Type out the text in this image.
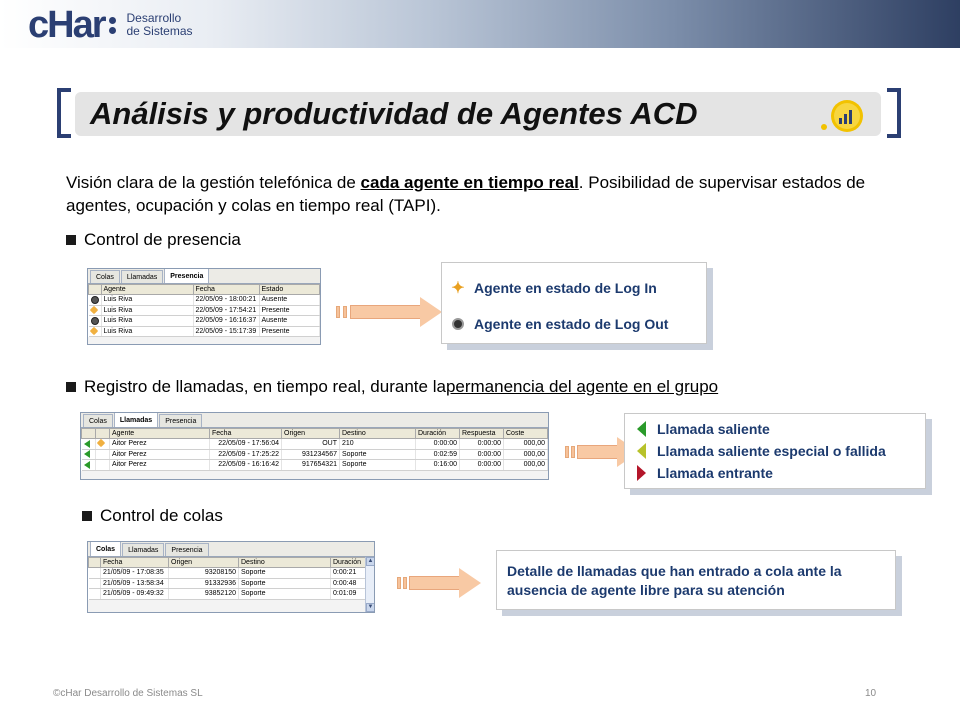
cHar Desarrollo
de Sistemas
Análisis y productividad de Agentes ACD
Visión clara de la gestión telefónica de cada agente en tiempo real. Posibilidad de supervisar estados de agentes, ocupación y colas en tiempo real (TAPI).
Control de presencia
Colas Llamadas Presencia
	Agente	Fecha	Estado
	Luis Riva	22/05/09 - 18:00:21	Ausente
	Luis Riva	22/05/09 - 17:54:21	Presente
	Luis Riva	22/05/09 - 16:16:37	Ausente
	Luis Riva	22/05/09 - 15:17:39	Presente
✦ Agente en estado de Log In
Agente en estado de Log Out
Registro de llamadas, en tiempo real, durante la permanencia del agente en el grupo
Colas Llamadas Presencia
		Agente	Fecha	Origen	Destino	Duración	Respuesta	Coste
		Aitor Perez	22/05/09 - 17:56:04	OUT	210	0:00:00	0:00:00	000,00
		Aitor Perez	22/05/09 - 17:25:22	931234567	Soporte	0:02:59	0:00:00	000,00
		Aitor Perez	22/05/09 - 16:16:42	917654321	Soporte	0:16:00	0:00:00	000,00
Llamada saliente
Llamada saliente especial o fallida
Llamada entrante
Control de colas
Colas Llamadas Presencia
	Fecha	Origen	Destino	Duración
	21/05/09 - 17:08:35	93208150	Soporte	0:00:21
	21/05/09 - 13:58:34	91332936	Soporte	0:00:48
	21/05/09 - 09:49:32	93852120	Soporte	0:01:09
▲
▼
Detalle de llamadas que han entrado a cola ante la ausencia de agente libre para su atención
©cHar Desarrollo de Sistemas SL	10
